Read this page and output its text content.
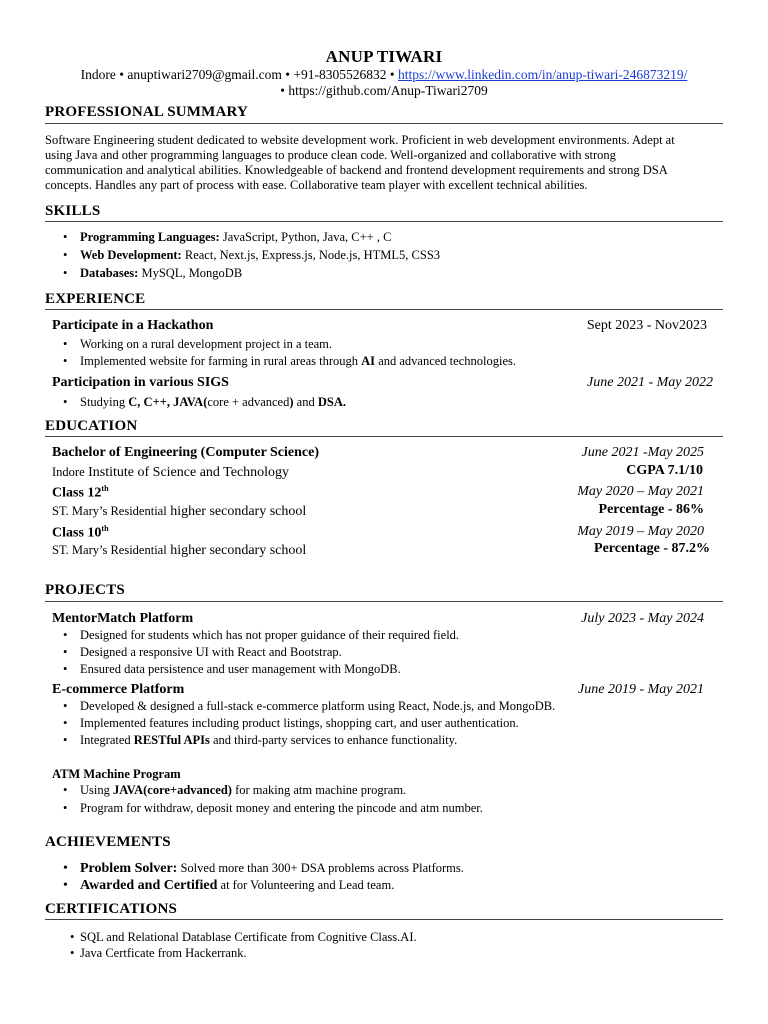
ANUP TIWARI
Indore • anuptiwari2709@gmail.com • +91-8305526832 • https://www.linkedin.com/in/anup-tiwari-246873219/
• https://github.com/Anup-Tiwari2709
PROFESSIONAL SUMMARY
Software Engineering student dedicated to website development work. Proficient in web development environments. Adept at
using Java and other programming languages to produce clean code. Well-organized and collaborative with strong
communication and analytical abilities. Knowledgeable of backend and frontend development requirements and strong DSA
concepts. Handles any part of process with ease. Collaborative team player with excellent technical abilities.
SKILLS
• Programming Languages: JavaScript, Python, Java, C++ , C
• Web Development: React, Next.js, Express.js, Node.js, HTML5, CSS3
• Databases: MySQL, MongoDB
EXPERIENCE
Participate in a Hackathon	Sept 2023 - Nov2023
• Working on a rural development project in a team.
• Implemented website for farming in rural areas through AI and advanced technologies.
Participation in various SIGS	June 2021 - May 2022
• Studying C, C++, JAVA(core + advanced) and DSA.
EDUCATION
Bachelor of Engineering (Computer Science)	June 2021 -May 2025
Indore Institute of Science and Technology	CGPA 7.1/10
Class 12th	May 2020 – May 2021
ST. Mary’s Residential higher secondary school	Percentage - 86%
Class 10th	May 2019 – May 2020
ST. Mary’s Residential higher secondary school	Percentage - 87.2%
PROJECTS
MentorMatch Platform	July 2023 - May 2024
• Designed for students which has not proper guidance of their required field.
• Designed a responsive UI with React and Bootstrap.
• Ensured data persistence and user management with MongoDB.
E-commerce Platform	June 2019 - May 2021
• Developed & designed a full-stack e-commerce platform using React, Node.js, and MongoDB.
• Implemented features including product listings, shopping cart, and user authentication.
• Integrated RESTful APIs and third-party services to enhance functionality.
ATM Machine Program
• Using JAVA(core+advanced) for making atm machine program.
• Program for withdraw, deposit money and entering the pincode and atm number.
ACHIEVEMENTS
• Problem Solver: Solved more than 300+ DSA problems across Platforms.
• Awarded and Certified at for Volunteering and Lead team.
CERTIFICATIONS
• SQL and Relational Datablase Certificate from Cognitive Class.AI.
• Java Certficate from Hackerrank.
